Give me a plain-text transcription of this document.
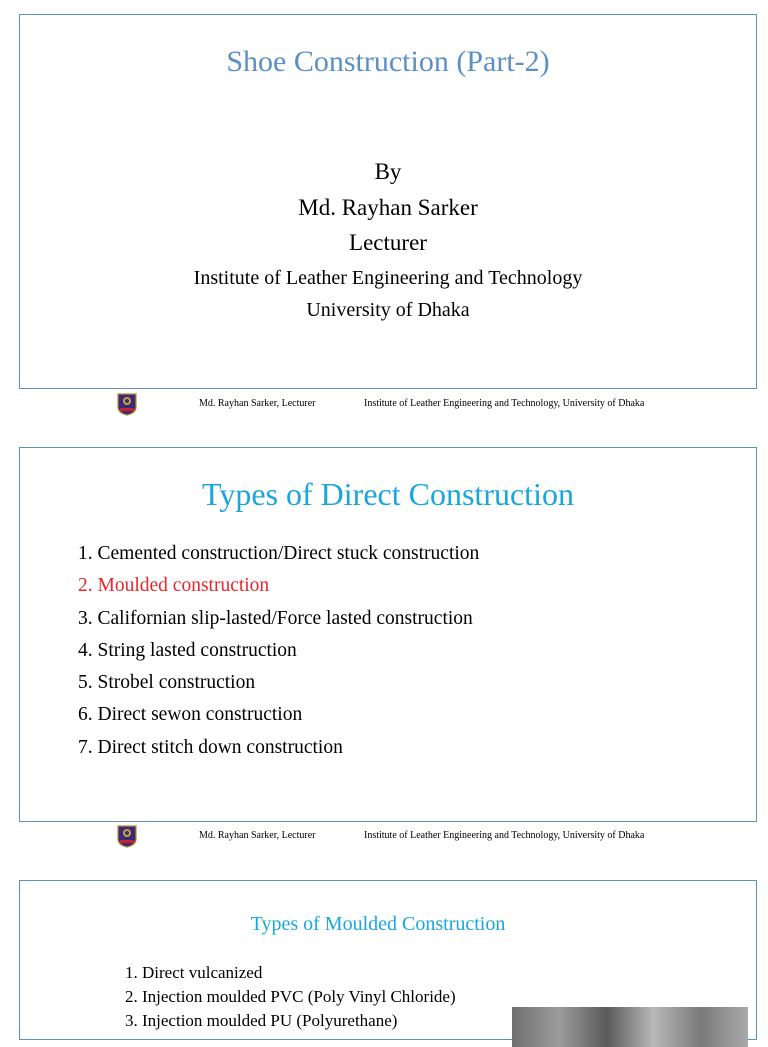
Shoe Construction (Part-2)
By
Md. Rayhan Sarker
Lecturer
Institute of Leather Engineering and Technology
University of Dhaka
Md. Rayhan Sarker, Lecturer	Institute of Leather Engineering and Technology, University of Dhaka
Types of Direct Construction
1. Cemented construction/Direct stuck construction
2. Moulded construction
3. Californian slip-lasted/Force lasted construction
4. String lasted construction
5. Strobel construction
6. Direct sewon construction
7. Direct stitch down construction
Md. Rayhan Sarker, Lecturer	Institute of Leather Engineering and Technology, University of Dhaka
Types of Moulded Construction
1. Direct vulcanized
2. Injection moulded PVC (Poly Vinyl Chloride)
3. Injection moulded PU (Polyurethane)
